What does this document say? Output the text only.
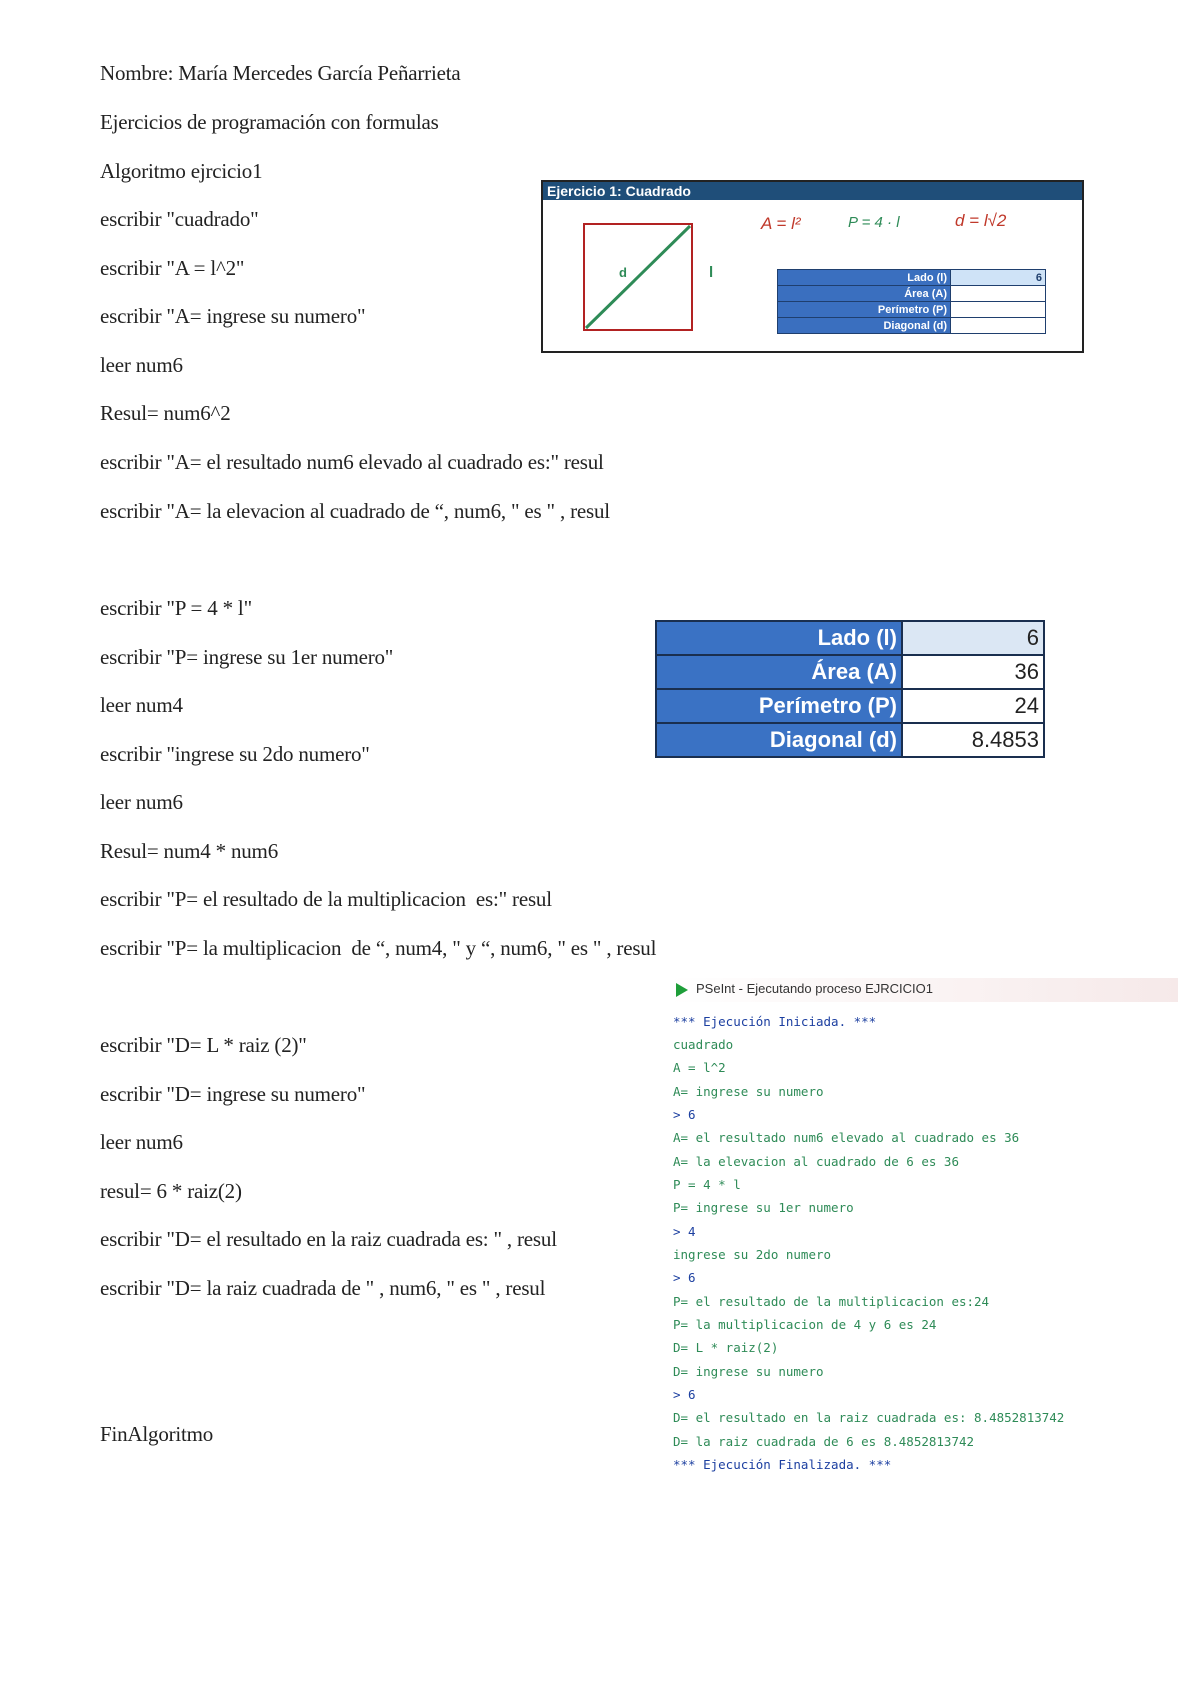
Nombre: María Mercedes García Peñarrieta
Ejercicios de programación con formulas
Algoritmo ejrcicio1
escribir "cuadrado"
escribir "A = l^2"
escribir "A= ingrese su numero"
leer num6
Resul= num6^2
escribir "A= el resultado num6 elevado al cuadrado es:" resul
escribir "A= la elevacion al cuadrado de “, num6, " es " , resul
escribir "P = 4 * l"
escribir "P= ingrese su 1er numero"
leer num4
escribir "ingrese su 2do numero"
leer num6
Resul= num4 * num6
escribir "P= el resultado de la multiplicacion  es:" resul
escribir "P= la multiplicacion  de “, num4, " y “, num6, " es " , resul
escribir "D= L * raiz (2)"
escribir "D= ingrese su numero"
leer num6
resul= 6 * raiz(2)
escribir "D= el resultado en la raiz cuadrada es: " , resul
escribir "D= la raiz cuadrada de " , num6, " es " , resul
FinAlgoritmo
Ejercicio 1: Cuadrado
d	l
A = l²	P = 4 · l	d = l√2
Lado (l)	6
Área (A)	
Perímetro (P)	
Diagonal (d)	
Lado (l)	6
Área (A)	36
Perímetro (P)	24
Diagonal (d)	8.4853
PSeInt - Ejecutando proceso EJRCICIO1
*** Ejecución Iniciada. ***
cuadrado
A = l^2
A= ingrese su numero
> 6
A= el resultado num6 elevado al cuadrado es 36
A= la elevacion al cuadrado de 6 es 36
P = 4 * l
P= ingrese su 1er numero
> 4
ingrese su 2do numero
> 6
P= el resultado de la multiplicacion es:24
P= la multiplicacion de 4 y 6 es 24
D= L * raiz(2)
D= ingrese su numero
> 6
D= el resultado en la raiz cuadrada es: 8.4852813742
D= la raiz cuadrada de 6 es 8.4852813742
*** Ejecución Finalizada. ***
